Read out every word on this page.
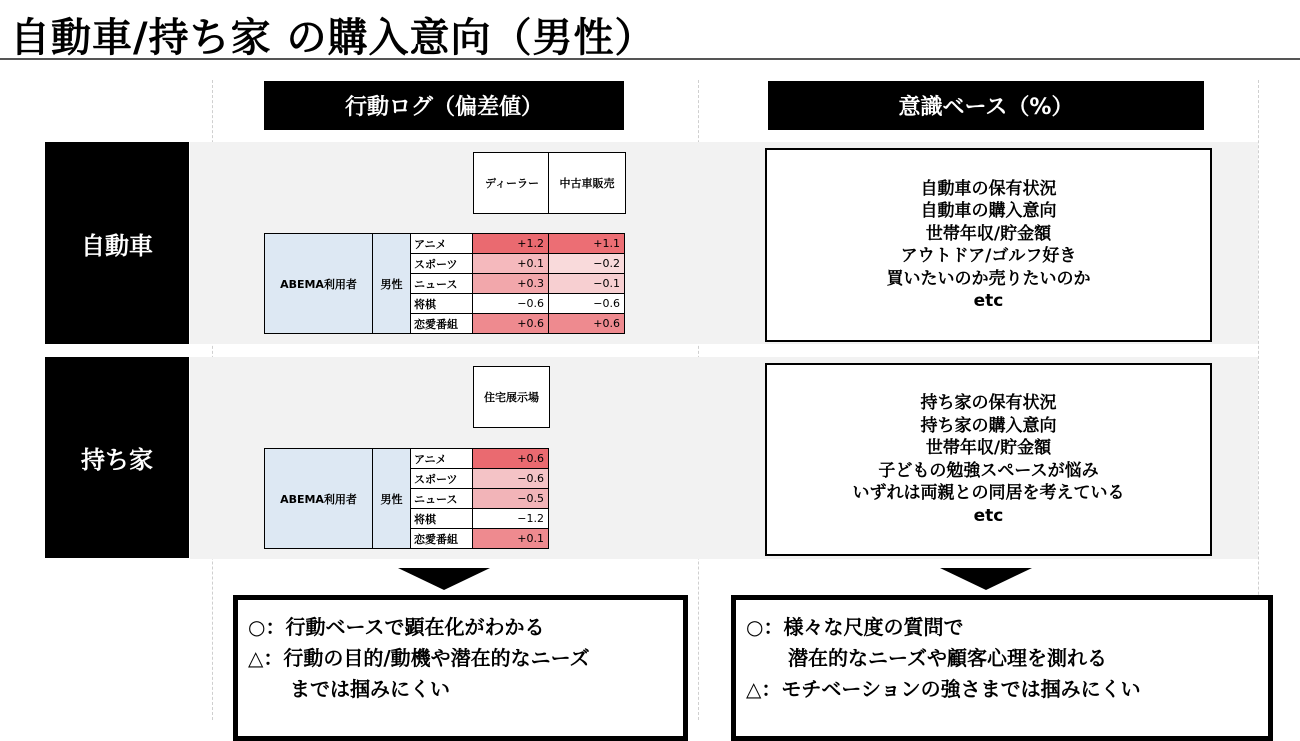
自動車/持ち家 の購入意向（男性）
行動ログ（偏差値）	意識ベース（%）
自動車
持ち家
ディーラー 中古車販売
ABEMA利用者	男性	アニメ	+1.2	+1.1
		スポーツ	+0.1	−0.2
		ニュース	+0.3	−0.1
		将棋	−0.6	−0.6
		恋愛番組	+0.6	+0.6
住宅展示場
ABEMA利用者	男性	アニメ	+0.6
		スポーツ	−0.6
		ニュース	−0.5
		将棋	−1.2
		恋愛番組	+0.1
自動車の保有状況
自動車の購入意向
世帯年収/貯金額
アウトドア/ゴルフ好き
買いたいのか売りたいのか
etc
持ち家の保有状況
持ち家の購入意向
世帯年収/貯金額
子どもの勉強スペースが悩み
いずれは両親との同居を考えている
etc
○：行動ベースで顕在化がわかる
△：行動の目的/動機や潜在的なニーズ
までは掴みにくい
○：様々な尺度の質問で
潜在的なニーズや顧客心理を測れる
△：モチベーションの強さまでは掴みにくい
